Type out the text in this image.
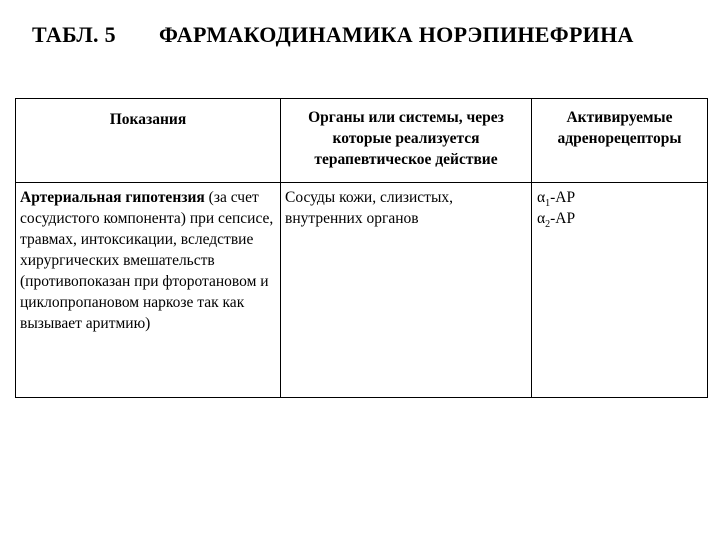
ТАБЛ. 5 ФАРМАКОДИНАМИКА НОРЭПИНЕФРИНА
Показания	Органы или системы, через которые реализуется терапевтическое действие	Активируемые адренорецепторы

Артериальная гипотензия (за счет сосудистого компонента) при сепсисе, травмах, интоксикации, вследствие хирургических вмешательств (противопоказан при фторотановом и циклопропановом наркозе так как вызывает аритмию)	Сосуды кожи, слизистых, внутренних органов	$\alpha_1-АР$
$\alpha_2-АР$
